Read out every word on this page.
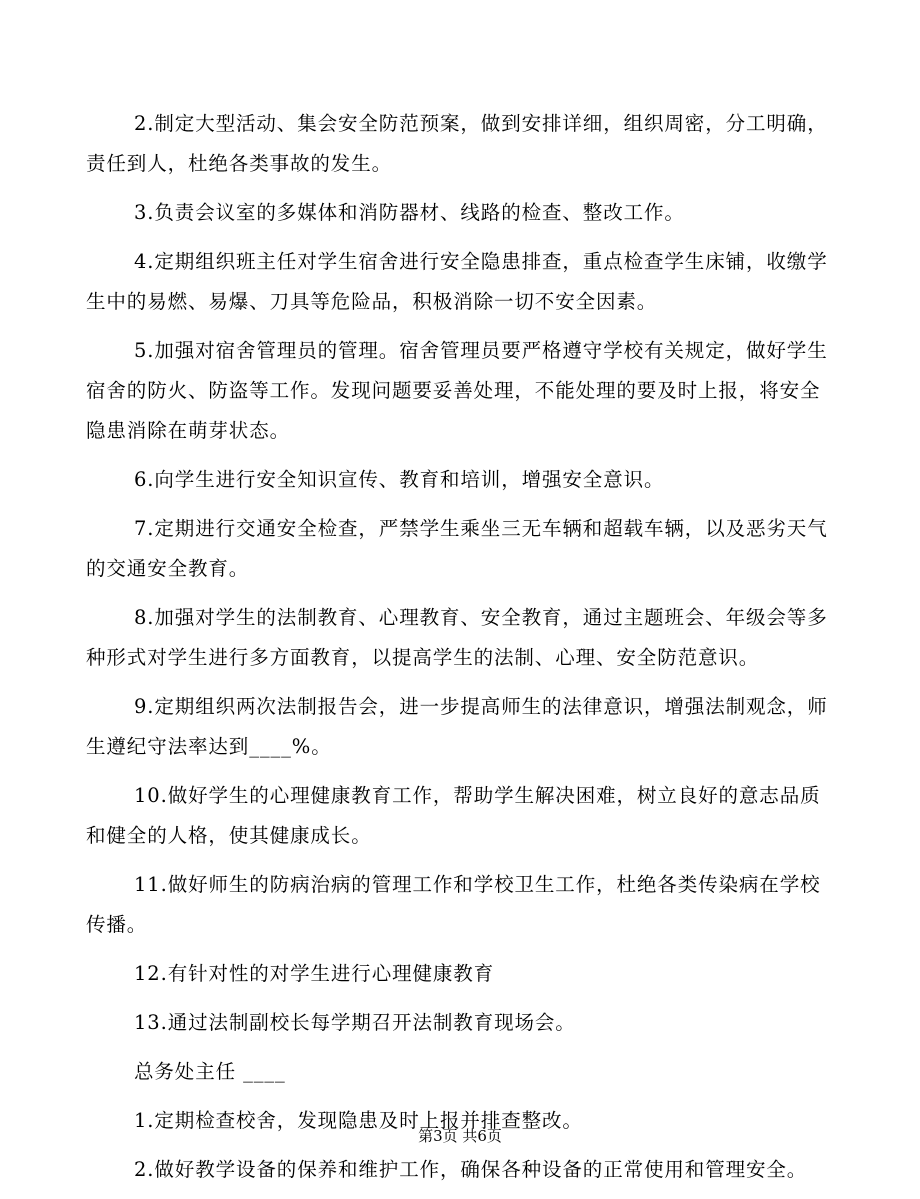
2.制定大型活动、集会安全防范预案，做到安排详细，组织周密，分工明确，责任到人，杜绝各类事故的发生。

3.负责会议室的多媒体和消防器材、线路的检查、整改工作。

4.定期组织班主任对学生宿舍进行安全隐患排查，重点检查学生床铺，收缴学生中的易燃、易爆、刀具等危险品，积极消除一切不安全因素。

5.加强对宿舍管理员的管理。宿舍管理员要严格遵守学校有关规定，做好学生宿舍的防火、防盗等工作。发现问题要妥善处理，不能处理的要及时上报，将安全隐患消除在萌芽状态。

6.向学生进行安全知识宣传、教育和培训，增强安全意识。

7.定期进行交通安全检查，严禁学生乘坐三无车辆和超载车辆，以及恶劣天气的交通安全教育。

8.加强对学生的法制教育、心理教育、安全教育，通过主题班会、年级会等多种形式对学生进行多方面教育，以提高学生的法制、心理、安全防范意识。

9.定期组织两次法制报告会，进一步提高师生的法律意识，增强法制观念，师生遵纪守法率达到____%。

10.做好学生的心理健康教育工作，帮助学生解决困难，树立良好的意志品质和健全的人格，使其健康成长。

11.做好师生的防病治病的管理工作和学校卫生工作，杜绝各类传染病在学校传播。

12.有针对性的对学生进行心理健康教育

13.通过法制副校长每学期召开法制教育现场会。

总务处主任 ____

1.定期检查校舍，发现隐患及时上报并排查整改。

2.做好教学设备的保养和维护工作，确保各种设备的正常使用和管理安全。

第3页 共6页
